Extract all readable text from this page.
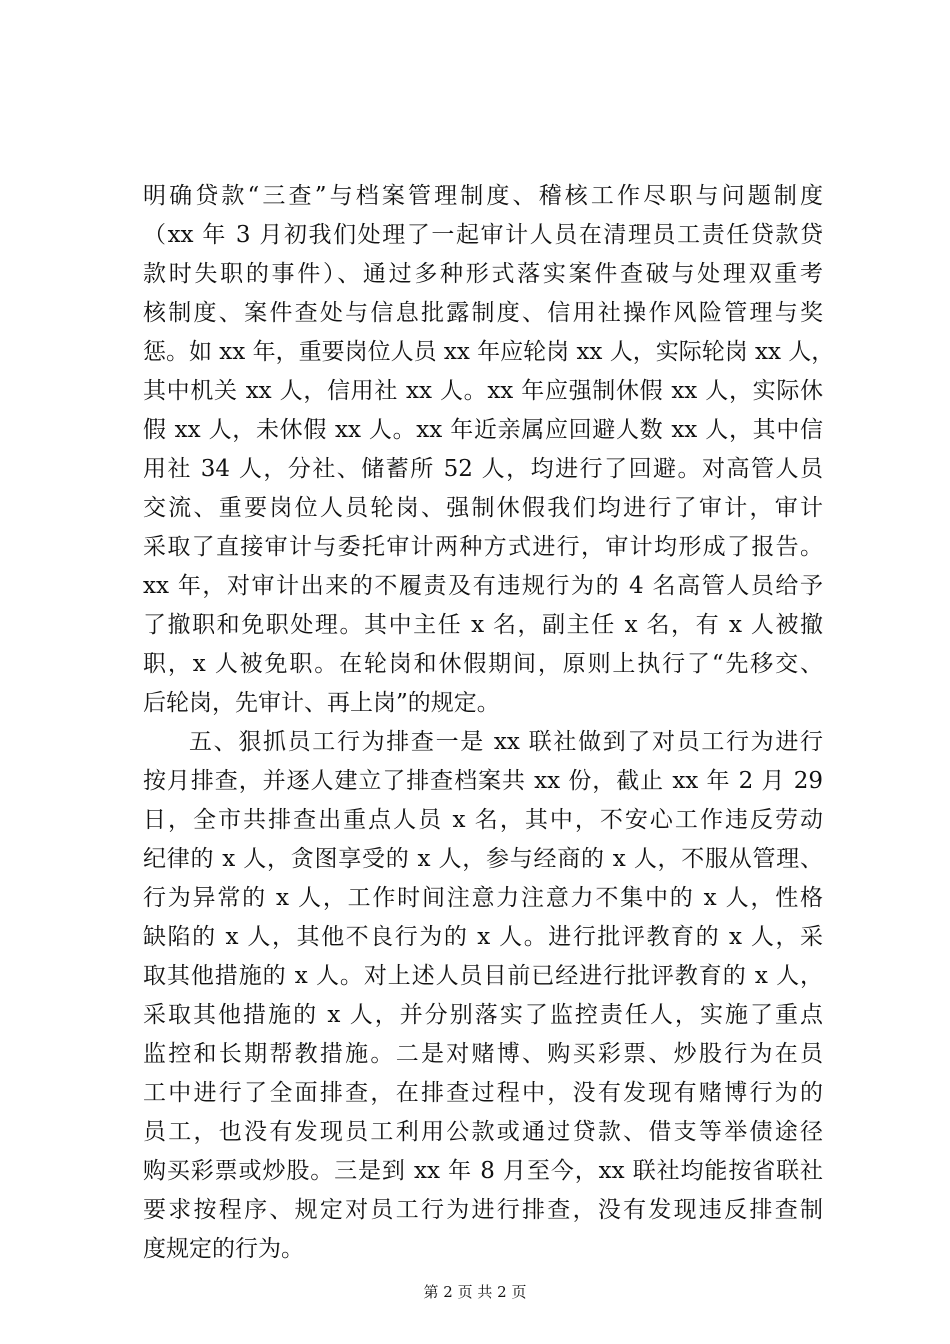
明确贷款“三查”与档案管理制度、稽核工作尽职与问题制度
（xx 年 3 月初我们处理了一起审计人员在清理员工责任贷款贷
款时失职的事件）、通过多种形式落实案件查破与处理双重考
核制度、案件查处与信息批露制度、信用社操作风险管理与奖
惩。如 xx 年，重要岗位人员 xx 年应轮岗 xx 人，实际轮岗 xx 人，
其中机关 xx 人，信用社 xx 人。xx 年应强制休假 xx 人，实际休
假 xx 人，未休假 xx 人。xx 年近亲属应回避人数 xx 人，其中信
用社 34 人，分社、储蓄所 52 人，均进行了回避。对高管人员
交流、重要岗位人员轮岗、强制休假我们均进行了审计，审计
采取了直接审计与委托审计两种方式进行，审计均形成了报告。
xx 年，对审计出来的不履责及有违规行为的 4 名高管人员给予
了撤职和免职处理。其中主任 x 名，副主任 x 名，有 x 人被撤
职，x 人被免职。在轮岗和休假期间，原则上执行了“先移交、
后轮岗，先审计、再上岗”的规定。
五、狠抓员工行为排查一是 xx 联社做到了对员工行为进行
按月排查，并逐人建立了排查档案共 xx 份，截止 xx 年 2 月 29
日，全市共排查出重点人员 x 名，其中，不安心工作违反劳动
纪律的 x 人，贪图享受的 x 人，参与经商的 x 人，不服从管理、
行为异常的 x 人，工作时间注意力注意力不集中的 x 人，性格
缺陷的 x 人，其他不良行为的 x 人。进行批评教育的 x 人，采
取其他措施的 x 人。对上述人员目前已经进行批评教育的 x 人，
采取其他措施的 x 人，并分别落实了监控责任人，实施了重点
监控和长期帮教措施。二是对赌博、购买彩票、炒股行为在员
工中进行了全面排查，在排查过程中，没有发现有赌博行为的
员工，也没有发现员工利用公款或通过贷款、借支等举债途径
购买彩票或炒股。三是到 xx 年 8 月至今，xx 联社均能按省联社
要求按程序、规定对员工行为进行排查，没有发现违反排查制
度规定的行为。
第 2 页 共 2 页
